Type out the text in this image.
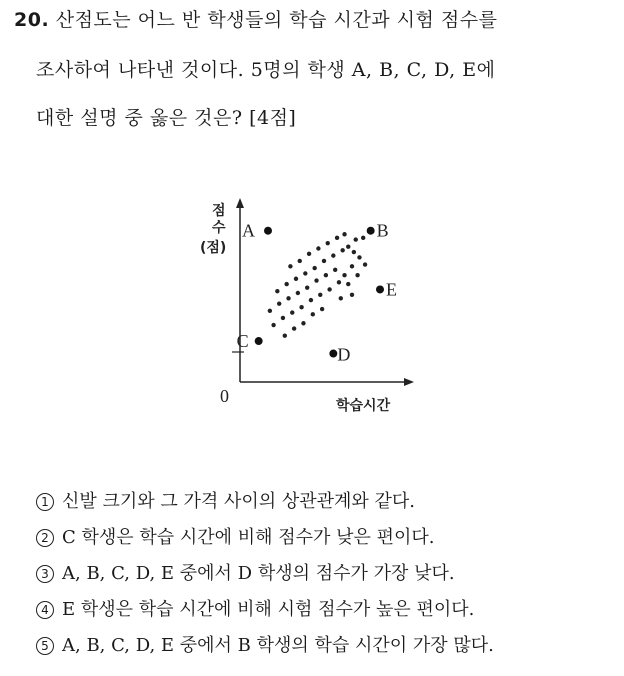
20. 산점도는 어느 반 학생들의 학습 시간과 시험 점수를
조사하여 나타낸 것이다. 5명의 학생 A, B, C, D, E에
대한 설명 중 옳은 것은? [4점]
점
수
(점)
0	학습시간
A	B
C
D
E
1 신발 크기와 그 가격 사이의 상관관계와 같다.
2 C 학생은 학습 시간에 비해 점수가 낮은 편이다.
3 A, B, C, D, E 중에서 D 학생의 점수가 가장 낮다.
4 E 학생은 학습 시간에 비해 시험 점수가 높은 편이다.
5 A, B, C, D, E 중에서 B 학생의 학습 시간이 가장 많다.
